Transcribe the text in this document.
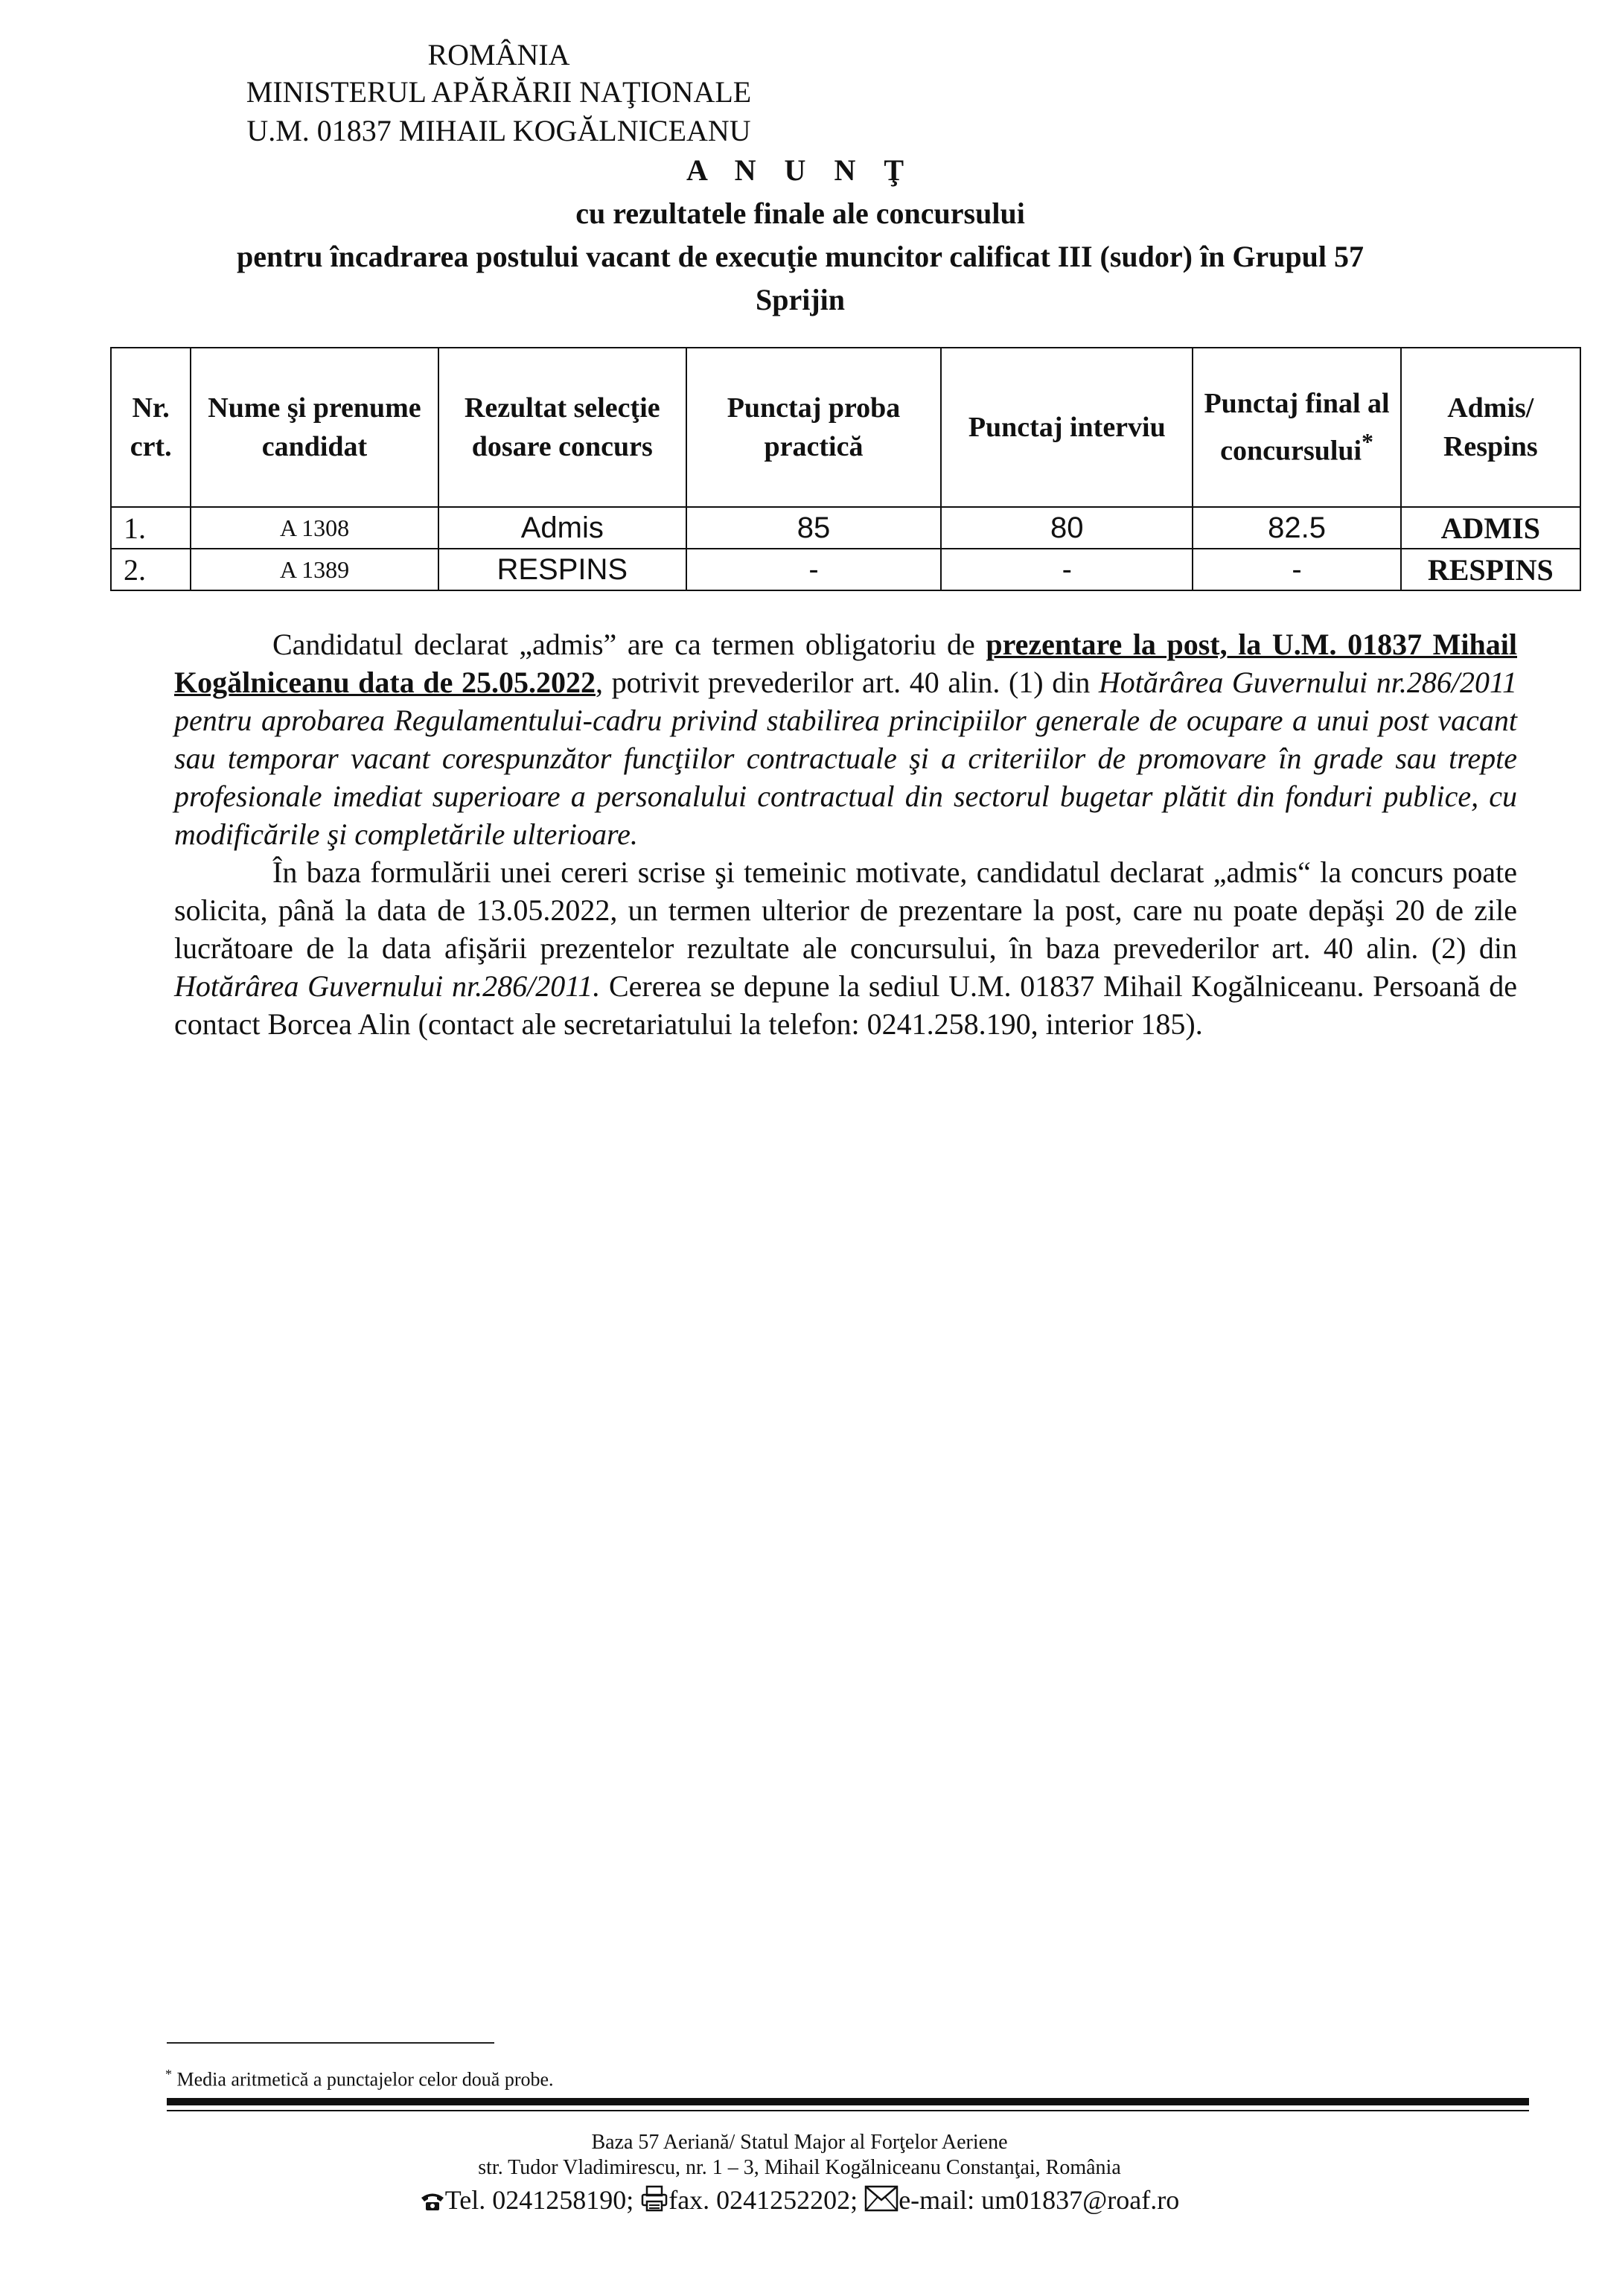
ROMÂNIA
MINISTERUL APĂRĂRII NAŢIONALE
U.M. 01837 MIHAIL KOGĂLNICEANU
A N U N Ţ
cu rezultatele finale ale concursului
pentru încadrarea postului vacant de execuţie muncitor calificat III (sudor) în Grupul 57
Sprijin
Nr. crt.	Nume şi prenume candidat	Rezultat selecţie dosare concurs	Punctaj proba practică	Punctaj interviu	Punctaj final al concursului*	Admis/ Respins
1.	A 1308	Admis	85	80	82.5	ADMIS
2.	A 1389	RESPINS	-	-	-	RESPINS

Candidatul declarat „admis” are ca termen obligatoriu de prezentare la post, la U.M. 01837 Mihail Kogălniceanu data de 25.05.2022, potrivit prevederilor art. 40 alin. (1) din Hotărârea Guvernului nr.286/2011 pentru aprobarea Regulamentului-cadru privind stabilirea principiilor generale de ocupare a unui post vacant sau temporar vacant corespunzător funcţiilor contractuale şi a criteriilor de promovare în grade sau trepte profesionale imediat superioare a personalului contractual din sectorul bugetar plătit din fonduri publice, cu modificările şi completările ulterioare.

În baza formulării unei cereri scrise şi temeinic motivate, candidatul declarat „admis“ la concurs poate solicita, până la data de 13.05.2022, un termen ulterior de prezentare la post, care nu poate depăşi 20 de zile lucrătoare de la data afişării prezentelor rezultate ale concursului, în baza prevederilor art. 40 alin. (2) din Hotărârea Guvernului nr.286/2011. Cererea se depune la sediul U.M. 01837 Mihail Kogălniceanu. Persoană de contact Borcea Alin (contact ale secretariatului la telefon: 0241.258.190, interior 185).

* Media aritmetică a punctajelor celor două probe.
Baza 57 Aeriană/ Statul Major al Forţelor Aeriene
str. Tudor Vladimirescu, nr. 1 – 3, Mihail Kogălniceanu Constanţai, România
Tel. 0241258190; fax. 0241252202; e-mail: um01837@roaf.ro
